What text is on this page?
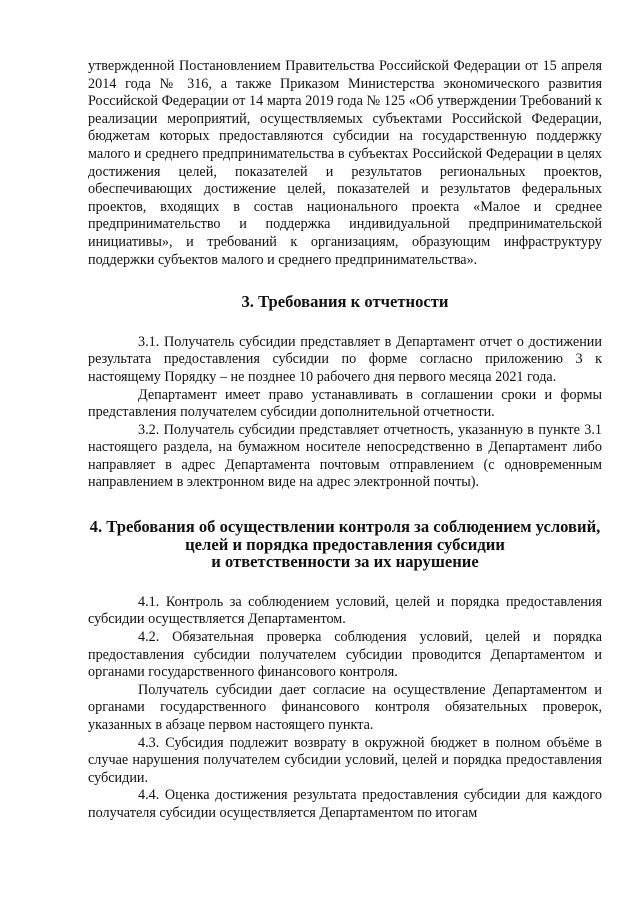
утвержденной Постановлением Правительства Российской Федерации от 15 апреля 2014 года № 316, а также Приказом Министерства экономического развития Российской Федерации от 14 марта 2019 года № 125 «Об утверждении Требований к реализации мероприятий, осуществляемых субъектами Российской Федерации, бюджетам которых предоставляются субсидии на государственную поддержку малого и среднего предпринимательства в субъектах Российской Федерации в целях достижения целей, показателей и результатов региональных проектов, обеспечивающих достижение целей, показателей и результатов федеральных проектов, входящих в состав национального проекта «Малое и среднее предпринимательство и поддержка индивидуальной предпринимательской инициативы», и требований к организациям, образующим инфраструктуру поддержки субъектов малого и среднего предпринимательства».

3. Требования к отчетности

3.1. Получатель субсидии представляет в Департамент отчет о достижении результата предоставления субсидии по форме согласно приложению 3 к настоящему Порядку – не позднее 10 рабочего дня первого месяца 2021 года.

Департамент имеет право устанавливать в соглашении сроки и формы представления получателем субсидии дополнительной отчетности.

3.2. Получатель субсидии представляет отчетность, указанную в пункте 3.1 настоящего раздела, на бумажном носителе непосредственно в Департамент либо направляет в адрес Департамента почтовым отправлением (с одновременным направлением в электронном виде на адрес электронной почты).

4. Требования об осуществлении контроля за соблюдением условий,
целей и порядка предоставления субсидии
и ответственности за их нарушение

4.1. Контроль за соблюдением условий, целей и порядка предоставления субсидии осуществляется Департаментом.

4.2. Обязательная проверка соблюдения условий, целей и порядка предоставления субсидии получателем субсидии проводится Департаментом и органами государственного финансового контроля.

Получатель субсидии дает согласие на осуществление Департаментом и органами государственного финансового контроля обязательных проверок, указанных в абзаце первом настоящего пункта.

4.3. Субсидия подлежит возврату в окружной бюджет в полном объёме в случае нарушения получателем субсидии условий, целей и порядка предоставления субсидии.

4.4. Оценка достижения результата предоставления субсидии для каждого получателя субсидии осуществляется Департаментом по итогам
